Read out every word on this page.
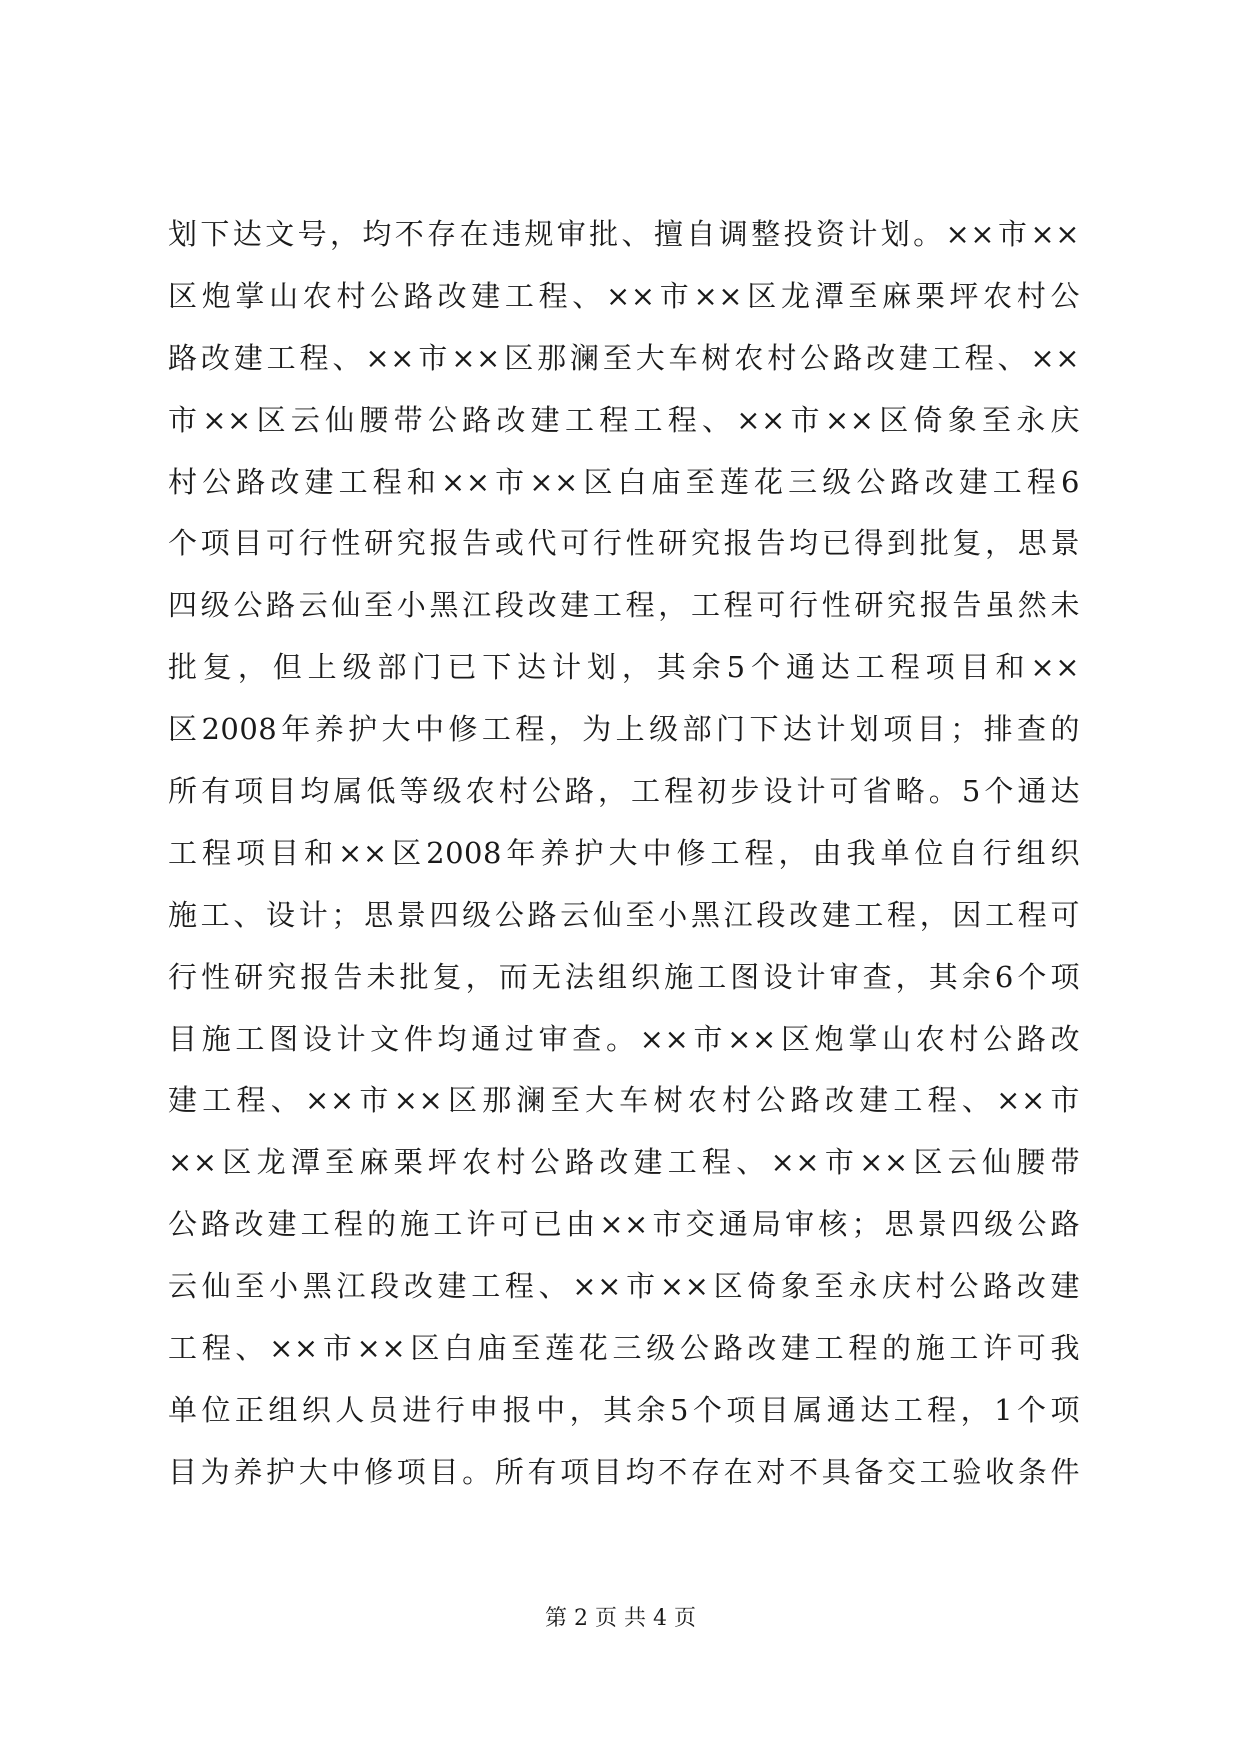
划下达文号，均不存在违规审批、擅自调整投资计划。××市××
区炮掌山农村公路改建工程、××市××区龙潭至麻栗坪农村公
路改建工程、××市××区那澜至大车树农村公路改建工程、××
市××区云仙腰带公路改建工程工程、××市××区倚象至永庆
村公路改建工程和××市××区白庙至莲花三级公路改建工程6
个项目可行性研究报告或代可行性研究报告均已得到批复，思景
四级公路云仙至小黑江段改建工程，工程可行性研究报告虽然未
批复，但上级部门已下达计划，其余5个通达工程项目和××
区2008年养护大中修工程，为上级部门下达计划项目；排查的
所有项目均属低等级农村公路，工程初步设计可省略。5个通达
工程项目和××区2008年养护大中修工程，由我单位自行组织
施工、设计；思景四级公路云仙至小黑江段改建工程，因工程可
行性研究报告未批复，而无法组织施工图设计审查，其余6个项
目施工图设计文件均通过审查。××市××区炮掌山农村公路改
建工程、××市××区那澜至大车树农村公路改建工程、××市
××区龙潭至麻栗坪农村公路改建工程、××市××区云仙腰带
公路改建工程的施工许可已由××市交通局审核；思景四级公路
云仙至小黑江段改建工程、××市××区倚象至永庆村公路改建
工程、××市××区白庙至莲花三级公路改建工程的施工许可我
单位正组织人员进行申报中，其余5个项目属通达工程，1个项
目为养护大中修项目。所有项目均不存在对不具备交工验收条件
第 2 页 共 4 页
